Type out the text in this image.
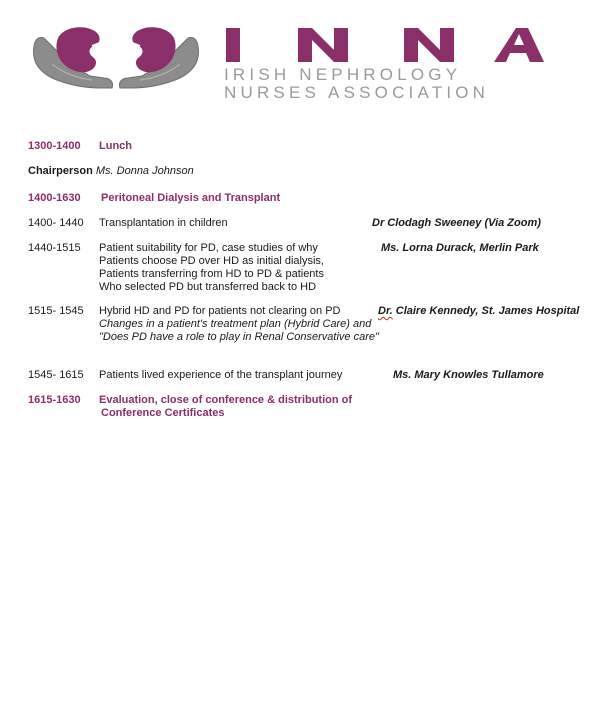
IRISH NEPHROLOGY
NURSES ASSOCIATION
1300-1400 Lunch
Chairperson Ms. Donna Johnson
1400-1630 Peritoneal Dialysis and Transplant
1400- 1440 Transplantation in children	Dr Clodagh Sweeney (Via Zoom)
1440-1515 Patient suitability for PD, case studies of why
Patients choose PD over HD as initial dialysis,
Patients transferring from HD to PD & patients
Who selected PD but transferred back to HD
Ms. Lorna Durack, Merlin Park
1515- 1545 Hybrid HD and PD for patients not clearing on PD
Changes in a patient's treatment plan (Hybrid Care) and
"Does PD have a role to play in Renal Conservative care"
Dr. Claire Kennedy, St. James Hospital
1545- 1615 Patients lived experience of the transplant journey	Ms. Mary Knowles Tullamore
1615-1630 Evaluation, close of conference & distribution of
Conference Certificates
